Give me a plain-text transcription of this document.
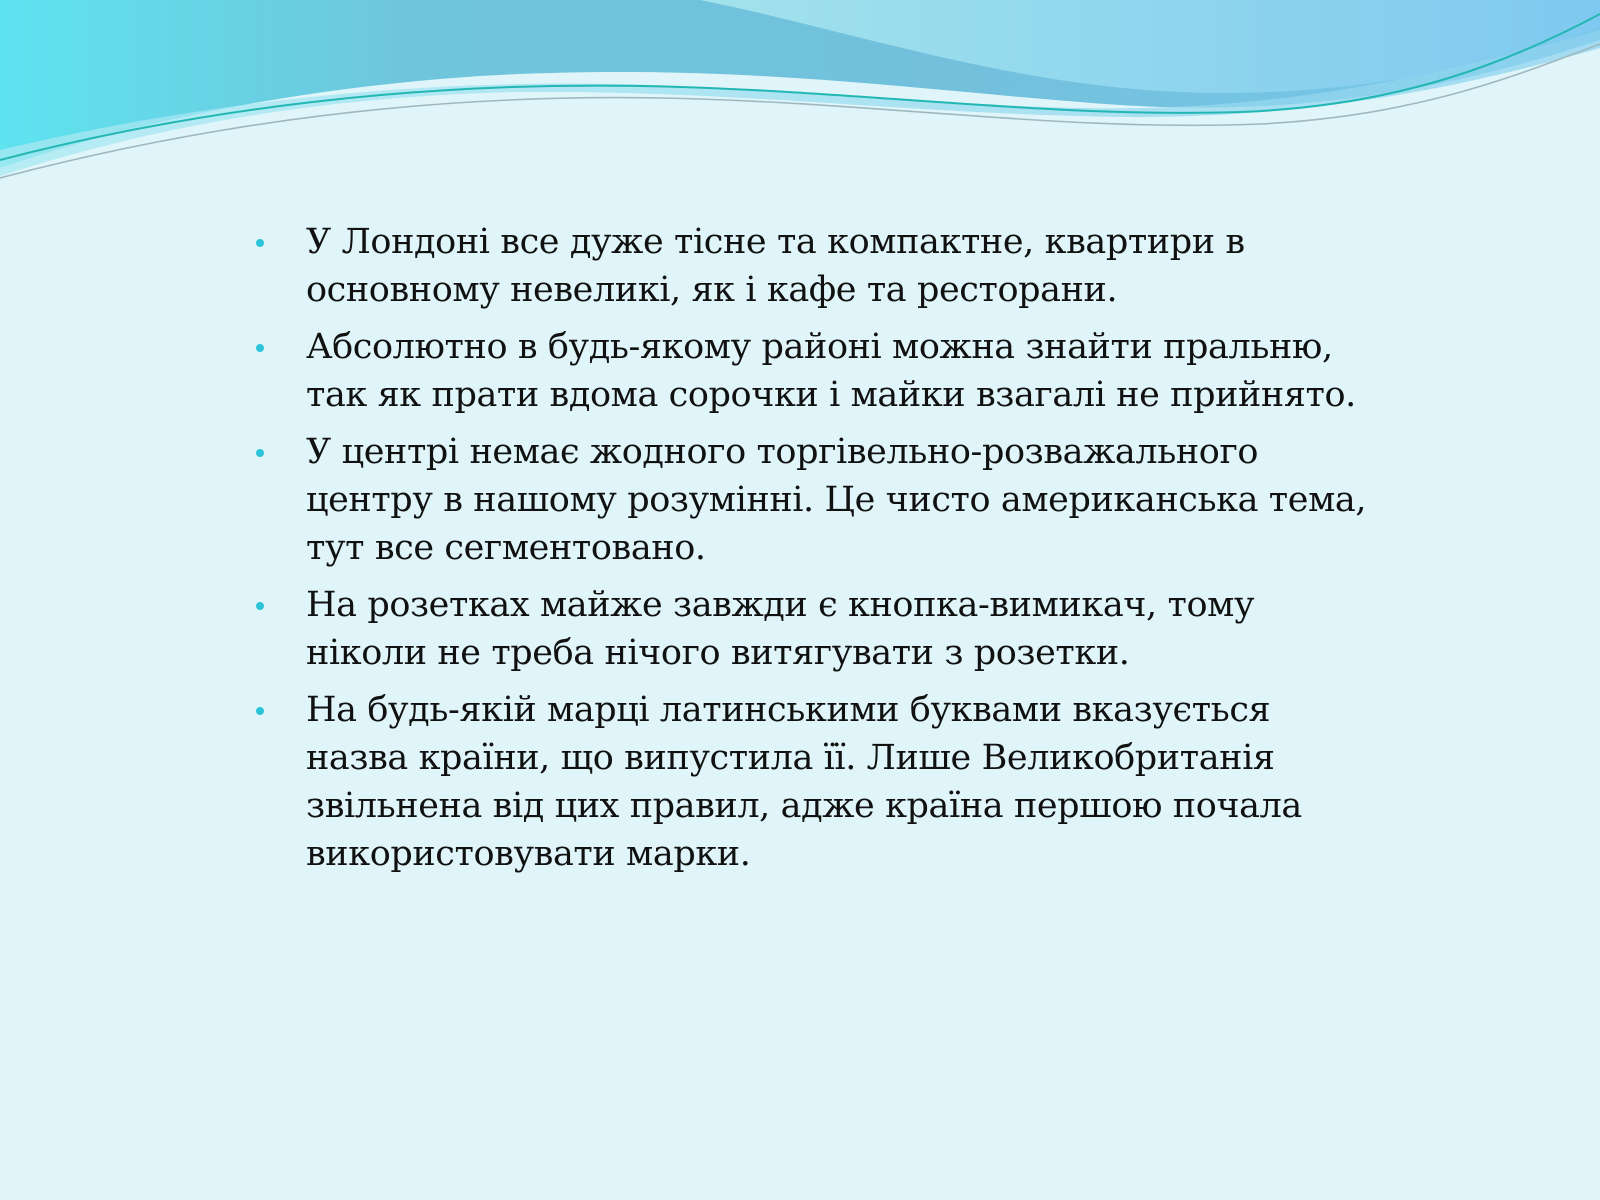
У Лондоні все дуже тісне та компактне, квартири в
основному невеликі, як і кафе та ресторани.
Абсолютно в будь-якому районі можна знайти пральню,
так як прати вдома сорочки і майки взагалі не прийнято.
У центрі немає жодного торгівельно-розважального
центру в нашому розумінні. Це чисто американська тема,
тут все сегментовано.
На розетках майже завжди є кнопка-вимикач, тому
ніколи не треба нічого витягувати з розетки.
На будь-якій марці латинськими буквами вказується
назва країни, що випустила її. Лише Великобританія
звільнена від цих правил, адже країна першою почала
використовувати марки.
